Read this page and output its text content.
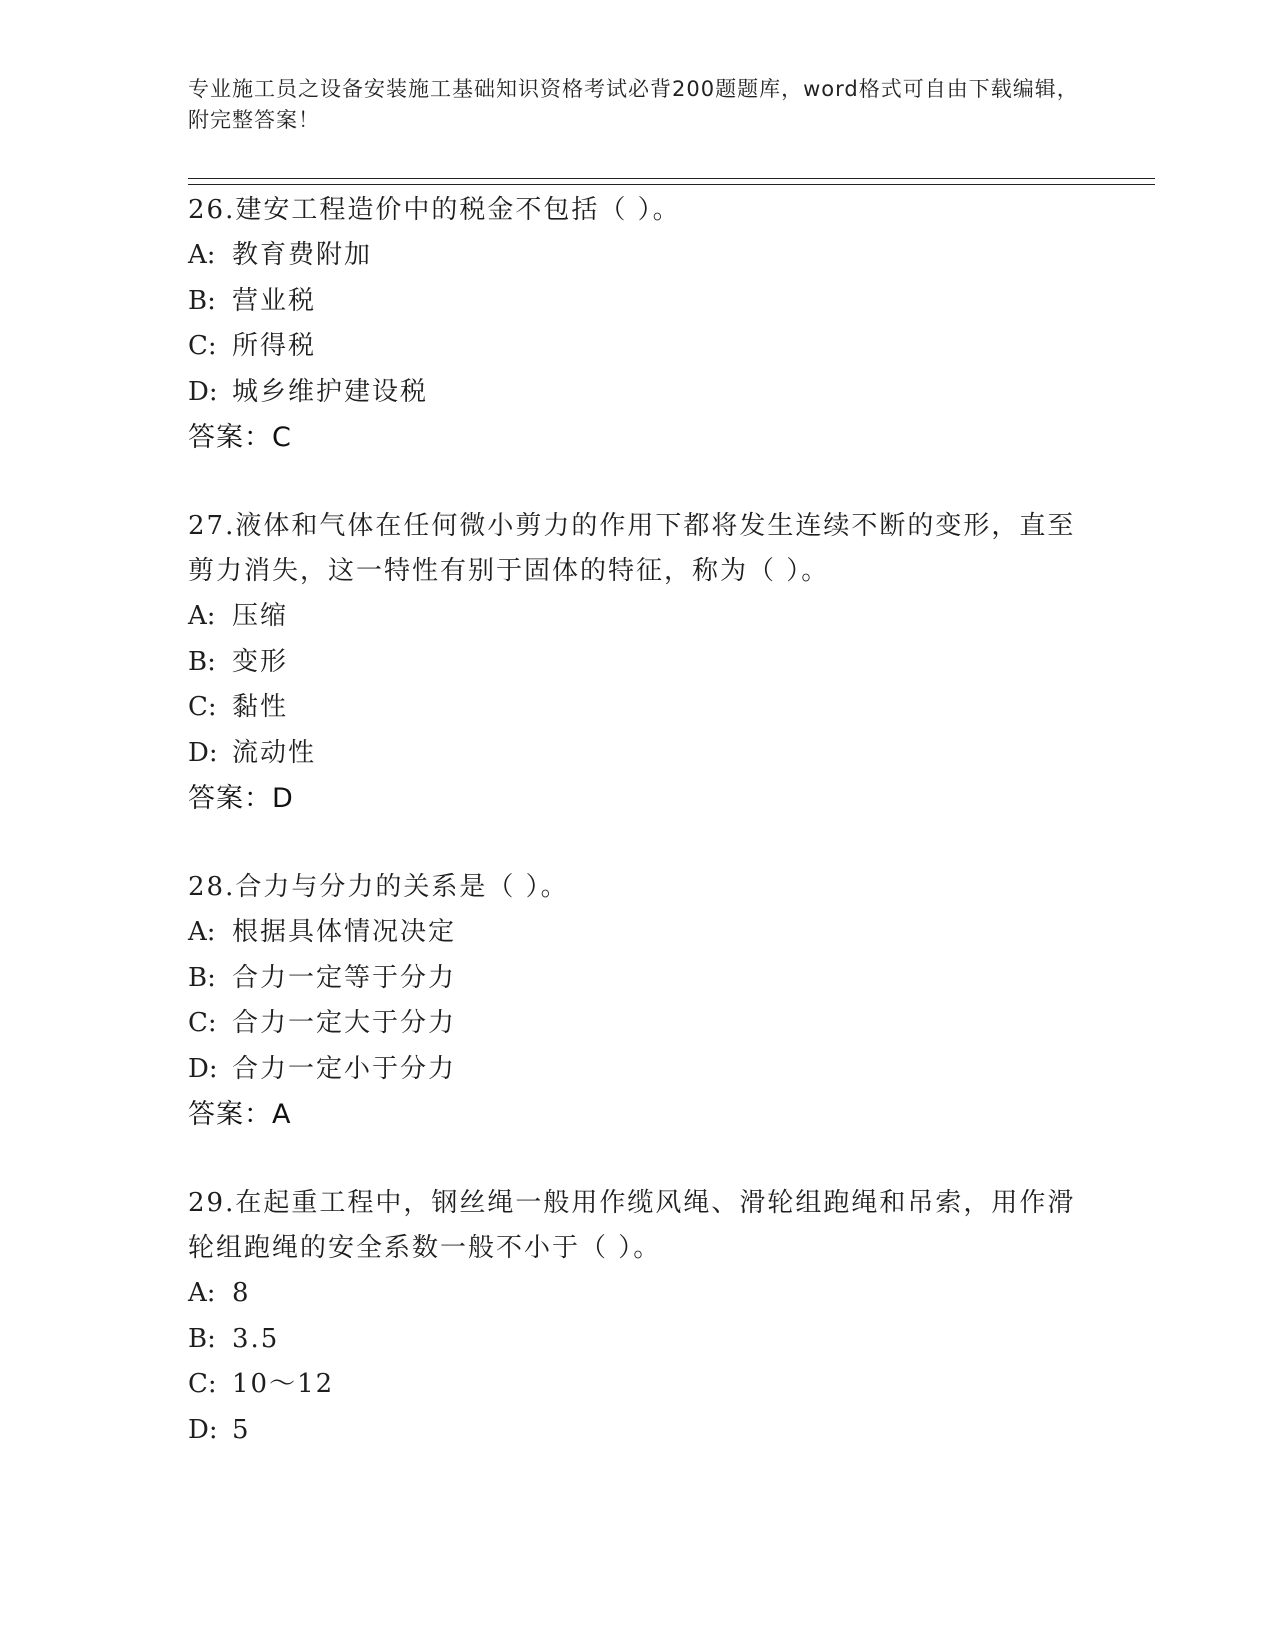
专业施工员之设备安装施工基础知识资格考试必背200题题库，word格式可自由下载编辑，附完整答案！
26.建安工程造价中的税金不包括（ ）。
A: 教育费附加
B: 营业税
C: 所得税
D: 城乡维护建设税
答案：C
27.液体和气体在任何微小剪力的作用下都将发生连续不断的变形，直至剪力消失，这一特性有别于固体的特征，称为（ ）。
A: 压缩
B: 变形
C: 黏性
D: 流动性
答案：D
28.合力与分力的关系是（ ）。
A: 根据具体情况决定
B: 合力一定等于分力
C: 合力一定大于分力
D: 合力一定小于分力
答案：A
29.在起重工程中，钢丝绳一般用作缆风绳、滑轮组跑绳和吊索，用作滑轮组跑绳的安全系数一般不小于（ ）。
A: 8
B: 3.5
C: 10～12
D: 5
